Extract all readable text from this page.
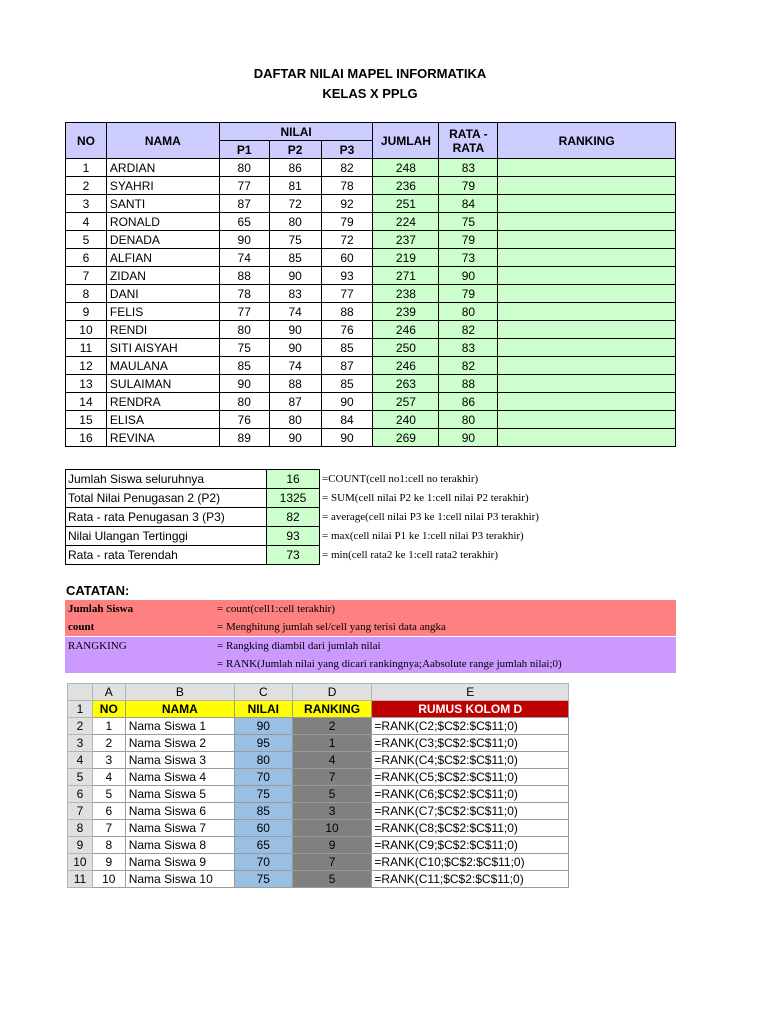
DAFTAR NILAI MAPEL INFORMATIKA
KELAS X PPLG
NO	NAMA	NILAI			JUMLAH	RATA - RATA	RANKING
		P1	P2	P3			
1	ARDIAN	80	86	82	248	83	
2	SYAHRI	77	81	78	236	79	
3	SANTI	87	72	92	251	84	
4	RONALD	65	80	79	224	75	
5	DENADA	90	75	72	237	79	
6	ALFIAN	74	85	60	219	73	
7	ZIDAN	88	90	93	271	90	
8	DANI	78	83	77	238	79	
9	FELIS	77	74	88	239	80	
10	RENDI	80	90	76	246	82	
11	SITI AISYAH	75	90	85	250	83	
12	MAULANA	85	74	87	246	82	
13	SULAIMAN	90	88	85	263	88	
14	RENDRA	80	87	90	257	86	
15	ELISA	76	80	84	240	80	
16	REVINA	89	90	90	269	90	
Jumlah Siswa seluruhnya	16	=COUNT(cell no1:cell no terakhir)
Total Nilai Penugasan 2 (P2)	1325	= SUM(cell nilai P2 ke 1:cell nilai P2 terakhir)
Rata - rata Penugasan 3 (P3)	82	= average(cell nilai P3 ke 1:cell nilai P3 terakhir)
Nilai Ulangan Tertinggi	93	= max(cell nilai P1 ke 1:cell nilai P3 terakhir)
Rata - rata Terendah	73	= min(cell rata2 ke 1:cell rata2 terakhir)
CATATAN:
Jumlah Siswa	= count(cell1:cell terakhir)
count	= Menghitung jumlah sel/cell yang terisi data angka
RANGKING	= Rangking diambil dari jumlah nilai
= RANK(Jumlah nilai yang dicari rankingnya;Aabsolute range jumlah nilai;0)
	A	B	C	D	E
1	NO	NAMA	NILAI	RANKING	RUMUS KOLOM D
2	1	Nama Siswa 1	90	2	=RANK(C2;$C$2:$C$11;0)
3	2	Nama Siswa 2	95	1	=RANK(C3;$C$2:$C$11;0)
4	3	Nama Siswa 3	80	4	=RANK(C4;$C$2:$C$11;0)
5	4	Nama Siswa 4	70	7	=RANK(C5;$C$2:$C$11;0)
6	5	Nama Siswa 5	75	5	=RANK(C6;$C$2:$C$11;0)
7	6	Nama Siswa 6	85	3	=RANK(C7;$C$2:$C$11;0)
8	7	Nama Siswa 7	60	10	=RANK(C8;$C$2:$C$11;0)
9	8	Nama Siswa 8	65	9	=RANK(C9;$C$2:$C$11;0)
10	9	Nama Siswa 9	70	7	=RANK(C10;$C$2:$C$11;0)
11	10	Nama Siswa 10	75	5	=RANK(C11;$C$2:$C$11;0)
